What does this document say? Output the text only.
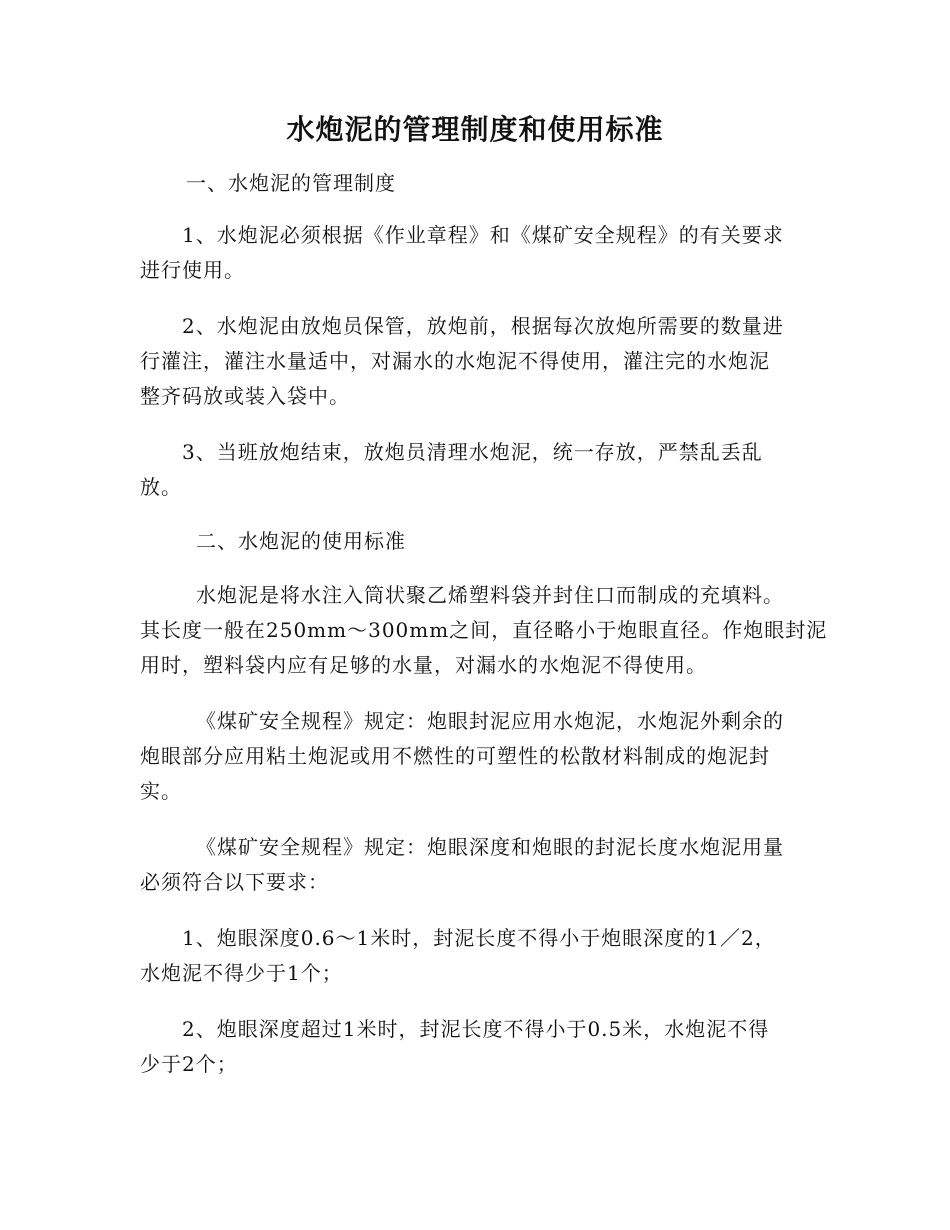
水炮泥的管理制度和使用标准
一、水炮泥的管理制度

1、水炮泥必须根据《作业章程》和《煤矿安全规程》的有关要求
进行使用。

2、水炮泥由放炮员保管，放炮前，根据每次放炮所需要的数量进
行灌注，灌注水量适中，对漏水的水炮泥不得使用，灌注完的水炮泥
整齐码放或装入袋中。

3、当班放炮结束，放炮员清理水炮泥，统一存放，严禁乱丢乱
放。

二、水炮泥的使用标准

水炮泥是将水注入筒状聚乙烯塑料袋并封住口而制成的充填料。
其长度一般在250mm～300mm之间，直径略小于炮眼直径。作炮眼封泥
用时，塑料袋内应有足够的水量，对漏水的水炮泥不得使用。

《煤矿安全规程》规定：炮眼封泥应用水炮泥，水炮泥外剩余的
炮眼部分应用粘土炮泥或用不燃性的可塑性的松散材料制成的炮泥封
实。

《煤矿安全规程》规定：炮眼深度和炮眼的封泥长度水炮泥用量
必须符合以下要求：

1、炮眼深度0.6～1米时，封泥长度不得小于炮眼深度的1／2，
水炮泥不得少于1个；

2、炮眼深度超过1米时，封泥长度不得小于0.5米，水炮泥不得
少于2个；
